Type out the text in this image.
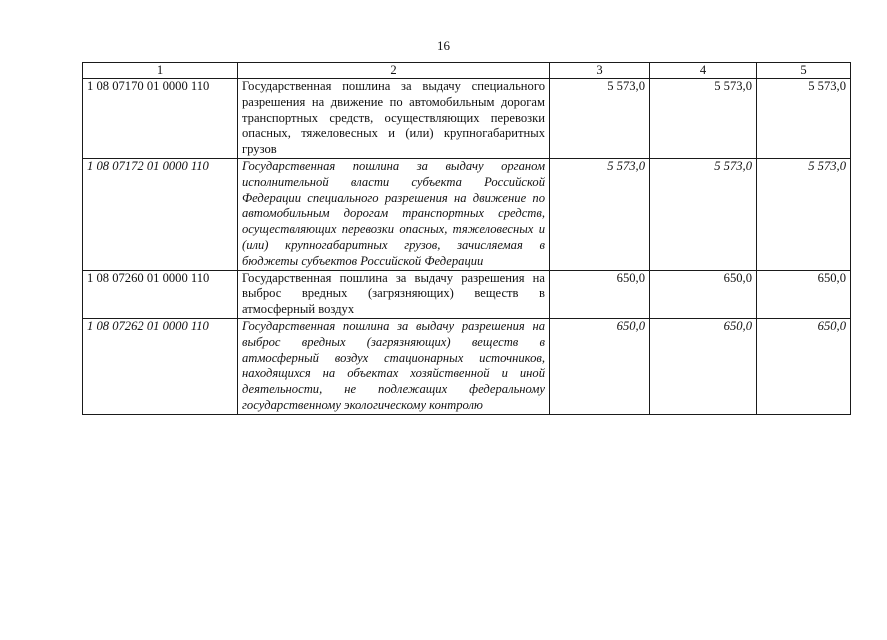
16
1	2	3	4	5
1 08 07170 01 0000 110	Государственная пошлина за выдачу специального разрешения на движение по автомобильным дорогам транспортных средств, осуществляющих перевозки опасных, тяжеловесных и (или) крупногабаритных грузов	5 573,0	5 573,0	5 573,0
1 08 07172 01 0000 110	Государственная пошлина за выдачу органом исполнительной власти субъекта Российской Федерации специального разрешения на движение по автомобильным дорогам транспортных средств, осуществляющих перевозки опасных, тяжеловесных и (или) крупногабаритных грузов, зачисляемая в бюджеты субъектов Российской Федерации	5 573,0	5 573,0	5 573,0
1 08 07260 01 0000 110	Государственная пошлина за выдачу разрешения на выброс вредных (загрязняющих) веществ в атмосферный воздух	650,0	650,0	650,0
1 08 07262 01 0000 110	Государственная пошлина за выдачу разрешения на выброс вредных (загрязняющих) веществ в атмосферный воздух стационарных источников, находящихся на объектах хозяйственной и иной деятельности, не подлежащих федеральному государственному экологическому контролю	650,0	650,0	650,0
